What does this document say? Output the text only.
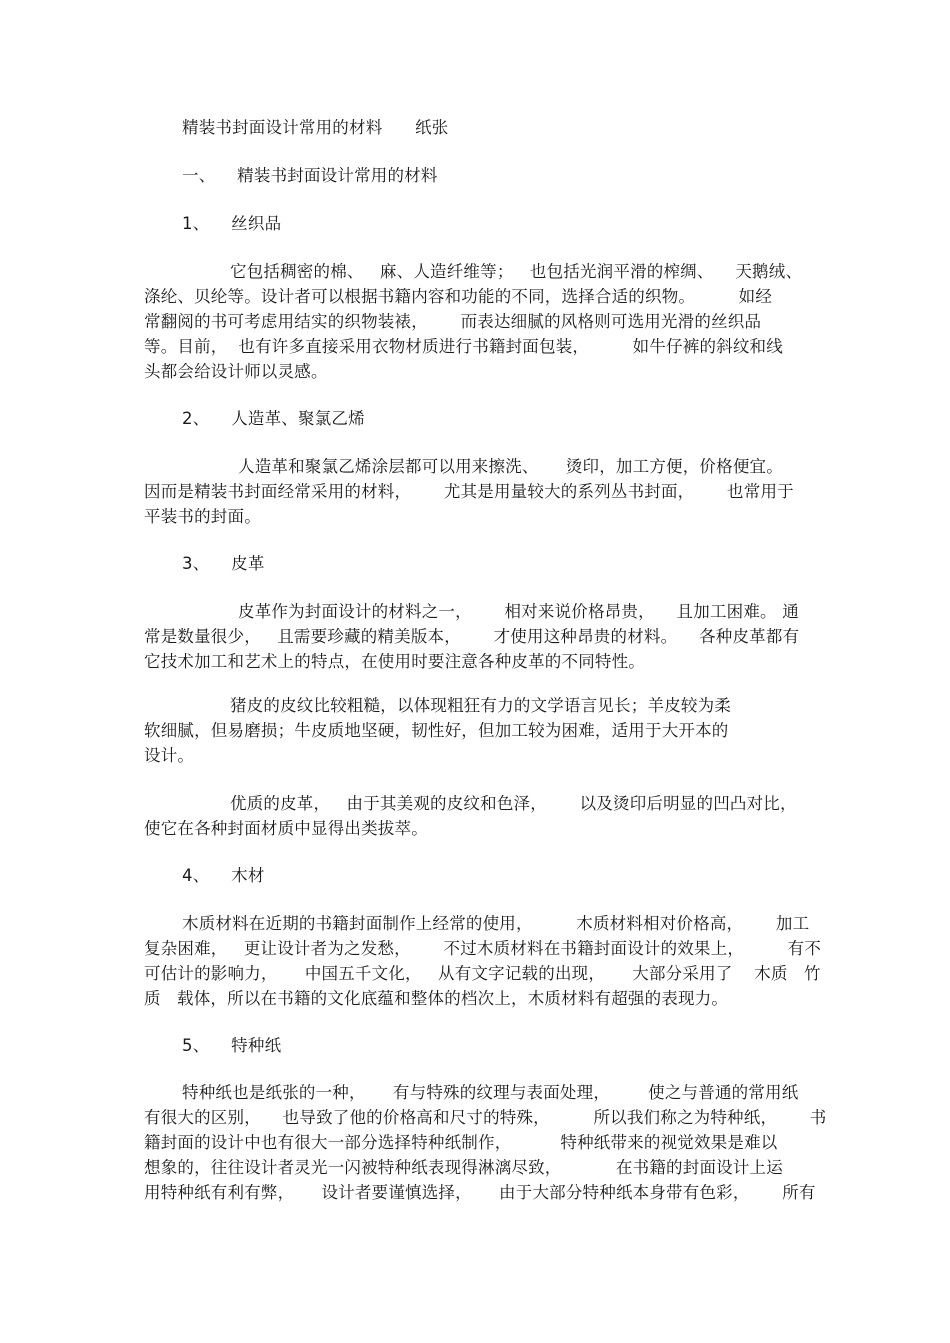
精装书封面设计常用的材料      纸张
一、    精装书封面设计常用的材料
1、    丝织品
它包括稠密的棉、   麻、人造纤维等；   也包括光润平滑的榨绸、    天鹅绒、
涤纶、贝纶等。设计者可以根据书籍内容和功能的不同，选择合适的织物。        如经
常翻阅的书可考虑用结实的织物装裱，      而表达细腻的风格则可选用光滑的丝织品
等。目前，  也有许多直接采用衣物材质进行书籍封面包装，        如牛仔裤的斜纹和线
头都会给设计师以灵感。
2、    人造革、聚氯乙烯
人造革和聚氯乙烯涂层都可以用来擦洗、     烫印，加工方便，价格便宜。
因而是精装书封面经常采用的材料，      尤其是用量较大的系列丛书封面，      也常用于
平装书的封面。
3、    皮革
皮革作为封面设计的材料之一，      相对来说价格昂贵，    且加工困难。 通
常是数量很少，   且需要珍藏的精美版本，      才使用这种昂贵的材料。    各种皮革都有
它技术加工和艺术上的特点，在使用时要注意各种皮革的不同特性。
猪皮的皮纹比较粗糙，以体现粗狂有力的文学语言见长；羊皮较为柔
软细腻，但易磨损；牛皮质地坚硬，韧性好，但加工较为困难，适用于大开本的
设计。
优质的皮革，   由于其美观的皮纹和色泽，      以及烫印后明显的凹凸对比，
使它在各种封面材质中显得出类拔萃。
4、    木材
木质材料在近期的书籍封面制作上经常的使用，        木质材料相对价格高，      加工
复杂困难，   更让设计者为之发愁，      不过木质材料在书籍封面设计的效果上，        有不
可估计的影响力，     中国五千文化，   从有文字记载的出现，     大部分采用了    木质   竹
质   载体，所以在书籍的文化底蕴和整体的档次上，木质材料有超强的表现力。
5、    特种纸
特种纸也是纸张的一种，     有与特殊的纹理与表面处理，       使之与普通的常用纸
有很大的区别，    也导致了他的价格高和尺寸的特殊，        所以我们称之为特种纸，      书
籍封面的设计中也有很大一部分选择特种纸制作，         特种纸带来的视觉效果是难以
想象的，往往设计者灵光一闪被特种纸表现得淋漓尽致，          在书籍的封面设计上运
用特种纸有利有弊，     设计者要谨慎选择，     由于大部分特种纸本身带有色彩，      所有
